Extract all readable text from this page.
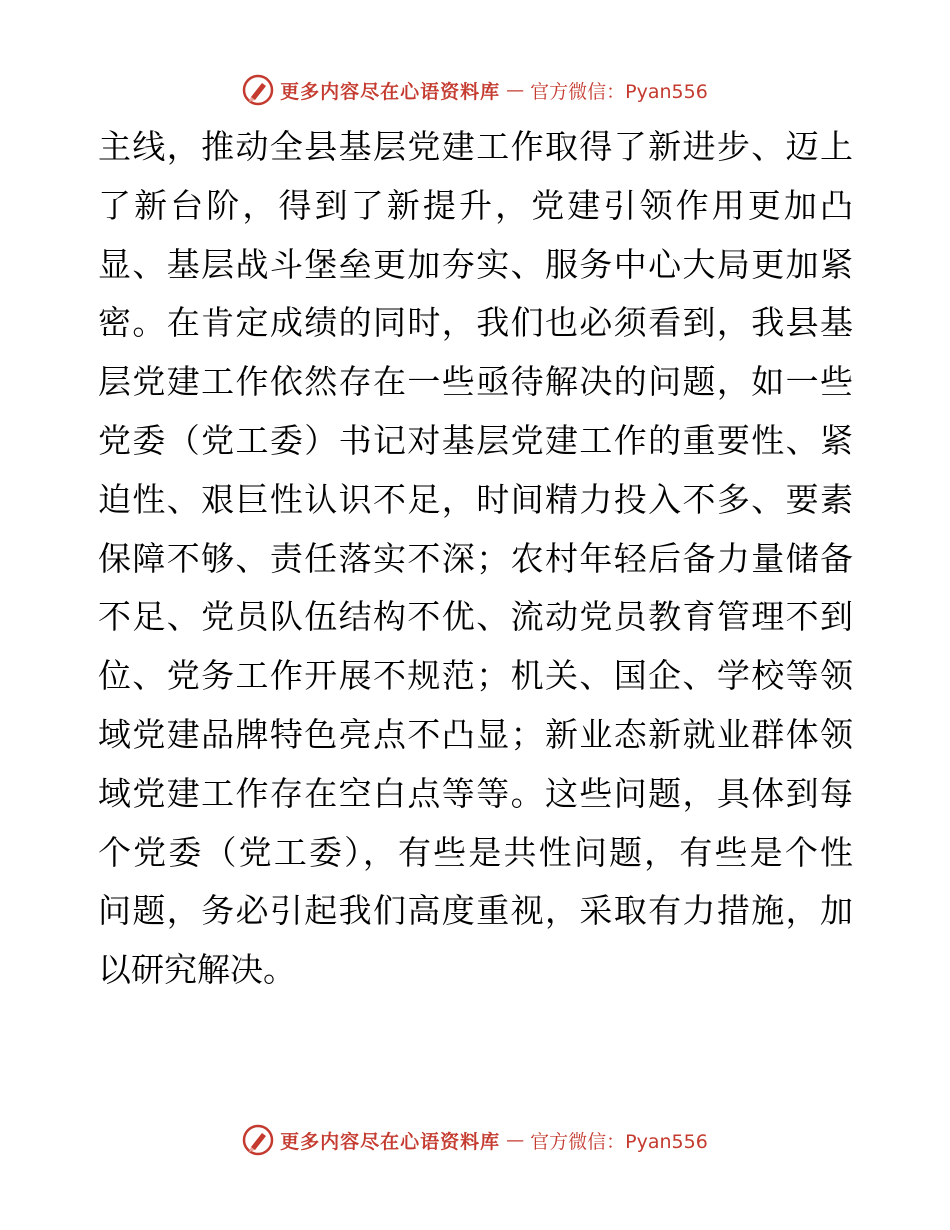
更多内容尽在心语资料库 — 官方微信：Pyan556
主线，推动全县基层党建工作取得了新进步、迈上
了新台阶，得到了新提升，党建引领作用更加凸
显、基层战斗堡垒更加夯实、服务中心大局更加紧
密。在肯定成绩的同时，我们也必须看到，我县基
层党建工作依然存在一些亟待解决的问题，如一些
党委（党工委）书记对基层党建工作的重要性、紧
迫性、艰巨性认识不足，时间精力投入不多、要素
保障不够、责任落实不深；农村年轻后备力量储备
不足、党员队伍结构不优、流动党员教育管理不到
位、党务工作开展不规范；机关、国企、学校等领
域党建品牌特色亮点不凸显；新业态新就业群体领
域党建工作存在空白点等等。这些问题，具体到每
个党委（党工委），有些是共性问题，有些是个性
问题，务必引起我们高度重视，采取有力措施，加
以研究解决。
更多内容尽在心语资料库 — 官方微信：Pyan556
